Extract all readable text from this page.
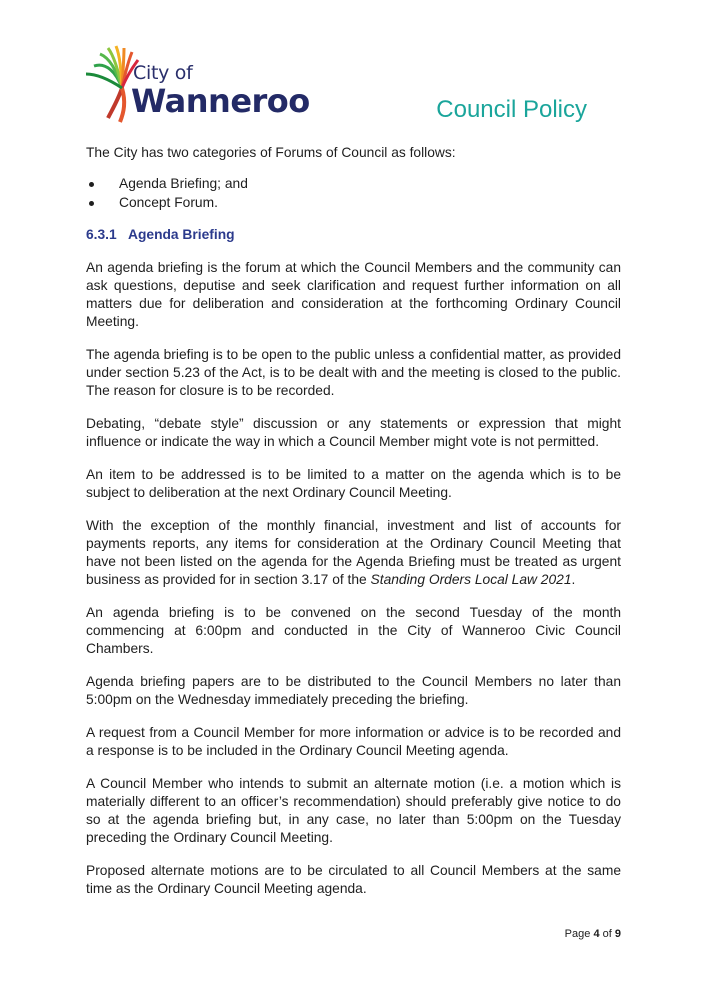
City of
Wanneroo	Council Policy

The City has two categories of Forums of Council as follows:

Agenda Briefing; and
Concept Forum.
6.3.1 Agenda Briefing

An agenda briefing is the forum at which the Council Members and the community can ask questions, deputise and seek clarification and request further information on all matters due for deliberation and consideration at the forthcoming Ordinary Council Meeting.

The agenda briefing is to be open to the public unless a confidential matter, as provided under section 5.23 of the Act, is to be dealt with and the meeting is closed to the public. The reason for closure is to be recorded.

Debating, “debate style” discussion or any statements or expression that might influence or indicate the way in which a Council Member might vote is not permitted.

An item to be addressed is to be limited to a matter on the agenda which is to be subject to deliberation at the next Ordinary Council Meeting.

With the exception of the monthly financial, investment and list of accounts for payments reports, any items for consideration at the Ordinary Council Meeting that have not been listed on the agenda for the Agenda Briefing must be treated as urgent business as provided for in section 3.17 of the Standing Orders Local Law 2021.

An agenda briefing is to be convened on the second Tuesday of the month commencing at 6:00pm and conducted in the City of Wanneroo Civic Council Chambers.

Agenda briefing papers are to be distributed to the Council Members no later than 5:00pm on the Wednesday immediately preceding the briefing.

A request from a Council Member for more information or advice is to be recorded and a response is to be included in the Ordinary Council Meeting agenda.

A Council Member who intends to submit an alternate motion (i.e. a motion which is materially different to an officer’s recommendation) should preferably give notice to do so at the agenda briefing but, in any case, no later than 5:00pm on the Tuesday preceding the Ordinary Council Meeting.

Proposed alternate motions are to be circulated to all Council Members at the same time as the Ordinary Council Meeting agenda.

Page 4 of 9
